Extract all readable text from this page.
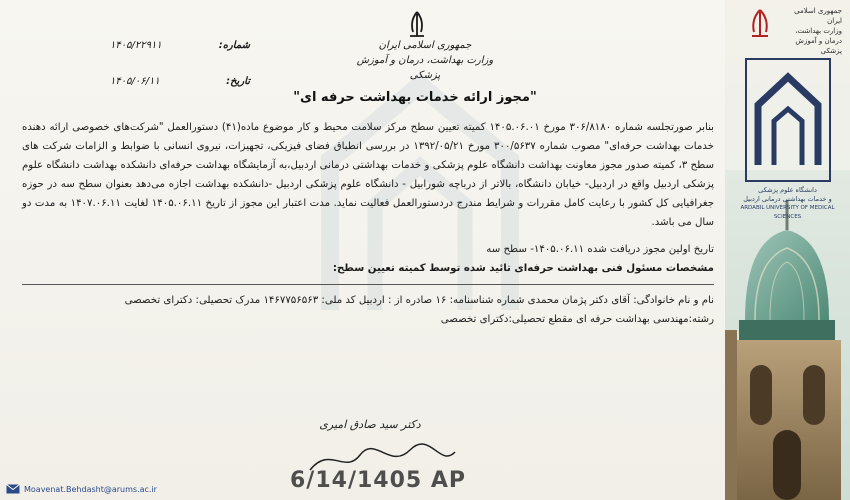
جمهوری اسلامی ایران
وزارت بهداشت، درمان و آموزش پزشکی
دانشگاه علوم پزشکی
و خدمات بهداشتی درمانی اردبیل
ARDABIL UNIVERSITY OF MEDICAL SCIENCES
جمهوری اسلامی ایران
وزارت بهداشت، درمان و آموزش پزشکی
شماره:
۱۴۰۵/۲۲۹۱۱
تاریخ:
۱۴۰۵/۰۶/۱۱
"مجوز ارائه خدمات بهداشت حرفه ای"

بنابر صورتجلسه شماره ۳۰۶/۸۱۸۰ مورخ ۱۴۰۵.۰۶.۰۱ کمیته تعیین سطح مرکز سلامت محیط و کار موضوع ماده(۴۱) دستورالعمل "شرکت‌های خصوصی ارائه دهنده خدمات بهداشت حرفه‌ای" مصوب شماره ۳۰۰/۵۶۳۷ مورخ ۱۳۹۲/۰۵/۲۱ در بررسی انطباق فضای فیزیکی، تجهیزات، نیروی انسانی با ضوابط و الزامات شرکت های سطح ۳، کمیته صدور مجوز معاونت بهداشت دانشگاه علوم پزشکی و خدمات بهداشتی درمانی اردبیل،به آزمایشگاه بهداشت حرفه‌ای دانشکده بهداشت دانشگاه علوم پزشکی اردبیل واقع در اردبیل- خیابان دانشگاه، بالاتر از درباچه شورابیل - دانشگاه علوم پزشکی اردبیل -دانشکده بهداشت اجازه می‌دهد بعنوان سطح سه در حوزه جغرافیایی کل کشور با رعایت کامل مقررات و شرایط مندرج دردستورالعمل فعالیت نماید. مدت اعتبار این مجوز از تاریخ ۱۴۰۵.۰۶.۱۱ لغایت ۱۴۰۷.۰۶.۱۱ به مدت دو سال می باشد.

تاریخ اولین مجوز دریافت شده ۱۴۰۵.۰۶.۱۱- سطح سه

مشخصات مسئول فنی بهداشت حرفه‌ای تائید شده توسط کمیته تعیین سطح:

نام و نام خانوادگی: آقای دکتر پژمان محمدی شماره شناسنامه: ۱۶ صادره از : اردبیل کد ملی: ۱۴۶۷۷۵۶۵۶۳ مدرک تحصیلی: دکترای تخصصی

رشته:مهندسی بهداشت حرفه ای مقطع تحصیلی:دکترای تخصصی

دکتر سید صادق امیری
6/14/1405 AP
Moavenat.Behdasht@arums.ac.ir
